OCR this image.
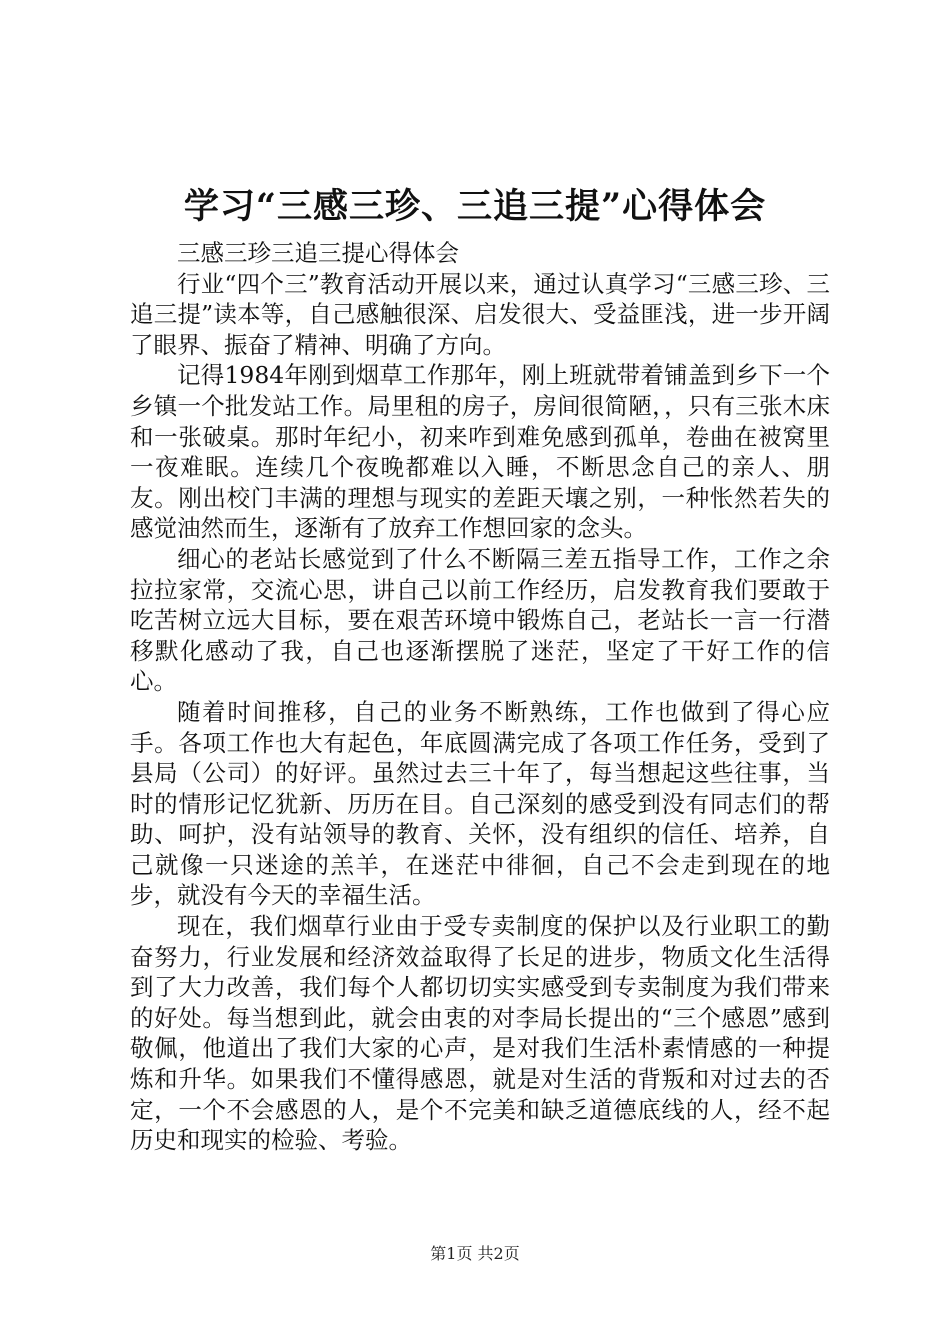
学习“三感三珍、三追三提”心得体会

三感三珍三追三提心得体会

行业“四个三”教育活动开展以来，通过认真学习“三感三珍、三追三提”读本等，自己感触很深、启发很大、受益匪浅，进一步开阔了眼界、振奋了精神、明确了方向。

记得1984年刚到烟草工作那年，刚上班就带着铺盖到乡下一个乡镇一个批发站工作。局里租的房子，房间很简陋，，只有三张木床和一张破桌。那时年纪小，初来咋到难免感到孤单，卷曲在被窝里一夜难眠。连续几个夜晚都难以入睡，不断思念自己的亲人、朋友。刚出校门丰满的理想与现实的差距天壤之别，一种怅然若失的感觉油然而生，逐渐有了放弃工作想回家的念头。

细心的老站长感觉到了什么不断隔三差五指导工作，工作之余拉拉家常，交流心思，讲自己以前工作经历，启发教育我们要敢于吃苦树立远大目标，要在艰苦环境中锻炼自己，老站长一言一行潜移默化感动了我，自己也逐渐摆脱了迷茫，坚定了干好工作的信心。

随着时间推移，自己的业务不断熟练，工作也做到了得心应手。各项工作也大有起色，年底圆满完成了各项工作任务，受到了县局（公司）的好评。虽然过去三十年了，每当想起这些往事，当时的情形记忆犹新、历历在目。自己深刻的感受到没有同志们的帮助、呵护，没有站领导的教育、关怀，没有组织的信任、培养，自己就像一只迷途的羔羊，在迷茫中徘徊，自己不会走到现在的地步，就没有今天的幸福生活。

现在，我们烟草行业由于受专卖制度的保护以及行业职工的勤奋努力，行业发展和经济效益取得了长足的进步，物质文化生活得到了大力改善，我们每个人都切切实实感受到专卖制度为我们带来的好处。每当想到此，就会由衷的对李局长提出的“三个感恩”感到敬佩，他道出了我们大家的心声，是对我们生活朴素情感的一种提炼和升华。如果我们不懂得感恩，就是对生活的背叛和对过去的否定，一个不会感恩的人，是个不完美和缺乏道德底线的人，经不起历史和现实的检验、考验。

第1页 共2页
